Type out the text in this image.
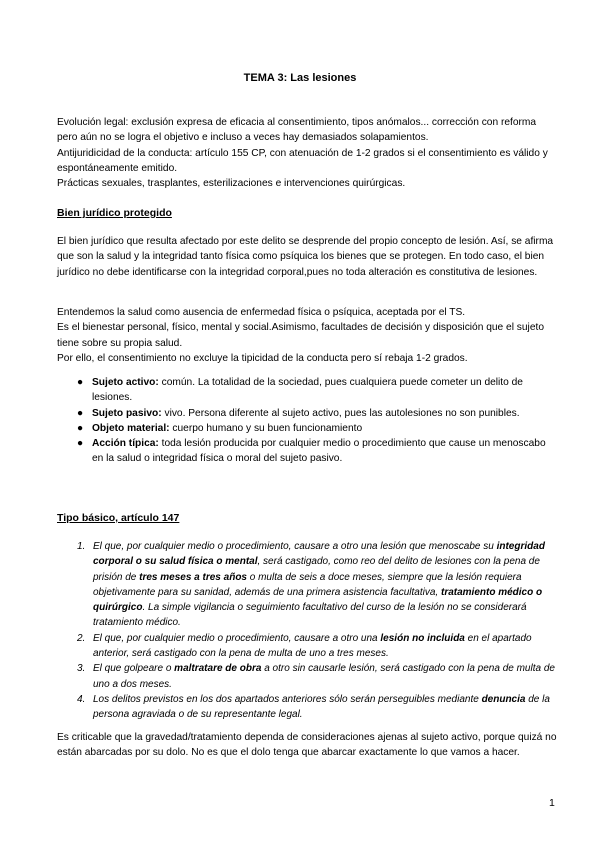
TEMA 3: Las lesiones

Evolución legal: exclusión expresa de eficacia al consentimiento, tipos anómalos... corrección con reforma pero aún no se logra el objetivo e incluso a veces hay demasiados solapamientos.

Antijuridicidad de la conducta: artículo 155 CP, con atenuación de 1-2 grados si el consentimiento es válido y espontáneamente emitido.

Prácticas sexuales, trasplantes, esterilizaciones e intervenciones quirúrgicas.

Bien jurídico protegido

El bien jurídico que resulta afectado por este delito se desprende del propio concepto de lesión. Así, se afirma que son la salud y la integridad tanto física como psíquica los bienes que se protegen. En todo caso, el bien jurídico no debe identificarse con la integridad corporal,pues no toda alteración es constitutiva de lesiones.

Entendemos la salud como ausencia de enfermedad física o psíquica, aceptada por el TS.

Es el bienestar personal, físico, mental y social.Asimismo, facultades de decisión y disposición que el sujeto tiene sobre su propia salud.

Por ello, el consentimiento no excluye la tipicidad de la conducta pero sí rebaja 1-2 grados.

● Sujeto activo: común. La totalidad de la sociedad, pues cualquiera puede cometer un delito de lesiones.
● Sujeto pasivo: vivo. Persona diferente al sujeto activo, pues las autolesiones no son punibles.
● Objeto material: cuerpo humano y su buen funcionamiento
● Acción típica: toda lesión producida por cualquier medio o procedimiento que cause un menoscabo en la salud o integridad física o moral del sujeto pasivo.
Tipo básico, artículo 147
1. El que, por cualquier medio o procedimiento, causare a otro una lesión que menoscabe su integridad corporal o su salud física o mental, será castigado, como reo del delito de lesiones con la pena de prisión de tres meses a tres años o multa de seis a doce meses, siempre que la lesión requiera objetivamente para su sanidad, además de una primera asistencia facultativa, tratamiento médico o quirúrgico. La simple vigilancia o seguimiento facultativo del curso de la lesión no se considerará tratamiento médico.
2. El que, por cualquier medio o procedimiento, causare a otro una lesión no incluida en el apartado anterior, será castigado con la pena de multa de uno a tres meses.
3. El que golpeare o maltratare de obra a otro sin causarle lesión, será castigado con la pena de multa de uno a dos meses.
4. Los delitos previstos en los dos apartados anteriores sólo serán perseguibles mediante denuncia de la persona agraviada o de su representante legal.

Es criticable que la gravedad/tratamiento dependa de consideraciones ajenas al sujeto activo, porque quizá no están abarcadas por su dolo. No es que el dolo tenga que abarcar exactamente lo que vamos a hacer.

1
